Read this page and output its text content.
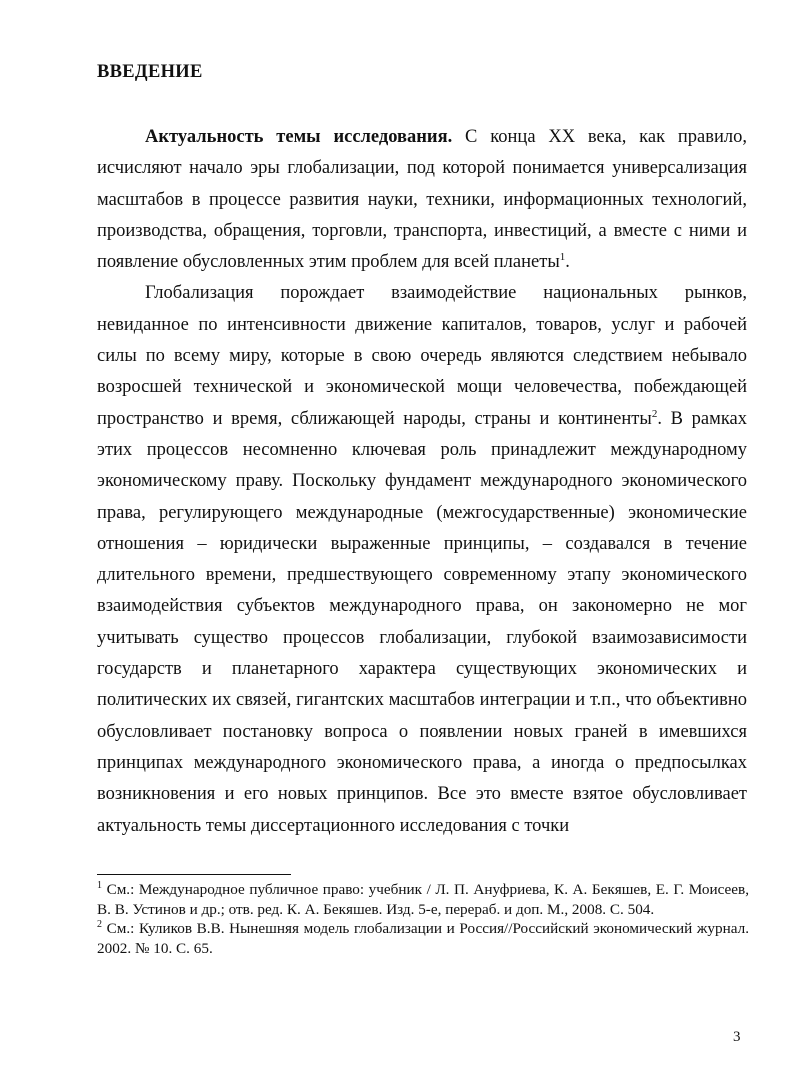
ВВЕДЕНИЕ

Актуальность темы исследования. С конца XX века, как правило, исчисляют начало эры глобализации, под которой понимается универсализация масштабов в процессе развития науки, техники, информационных технологий, производства, обращения, торговли, транспорта, инвестиций, а вместе с ними и появление обусловленных этим проблем для всей планеты$^1$.

Глобализация порождает взаимодействие национальных рынков, невиданное по интенсивности движение капиталов, товаров, услуг и рабочей силы по всему миру, которые в свою очередь являются следствием небывало возросшей технической и экономической мощи человечества, побеждающей пространство и время, сближающей народы, страны и континенты$^2$. В рамках этих процессов несомненно ключевая роль принадлежит международному экономическому праву. Поскольку фундамент международного экономического права, регулирующего международные (межгосударственные) экономические отношения – юридически выраженные принципы, – создавался в течение длительного времени, предшествующего современному этапу экономического взаимодействия субъектов международного права, он закономерно не мог учитывать существо процессов глобализации, глубокой взаимозависимости государств и планетарного характера существующих экономических и политических их связей, гигантских масштабов интеграции и т.п., что объективно обусловливает постановку вопроса о появлении новых граней в имевшихся принципах международного экономического права, а иногда о предпосылках возникновения и его новых принципов. Все это вместе взятое обусловливает актуальность темы диссертационного исследования с точки

$^1$ См.: Международное публичное право: учебник / Л. П. Ануфриева, К. А. Бекяшев, Е. Г. Моисеев, В. В. Устинов и др.; отв. ред. К. А. Бекяшев. Изд. 5-е, перераб. и доп. М., 2008. С. 504.

$^2$ См.: Куликов В.В. Нынешняя модель глобализации и Россия//Российский экономический журнал. 2002. № 10. С. 65.

3
